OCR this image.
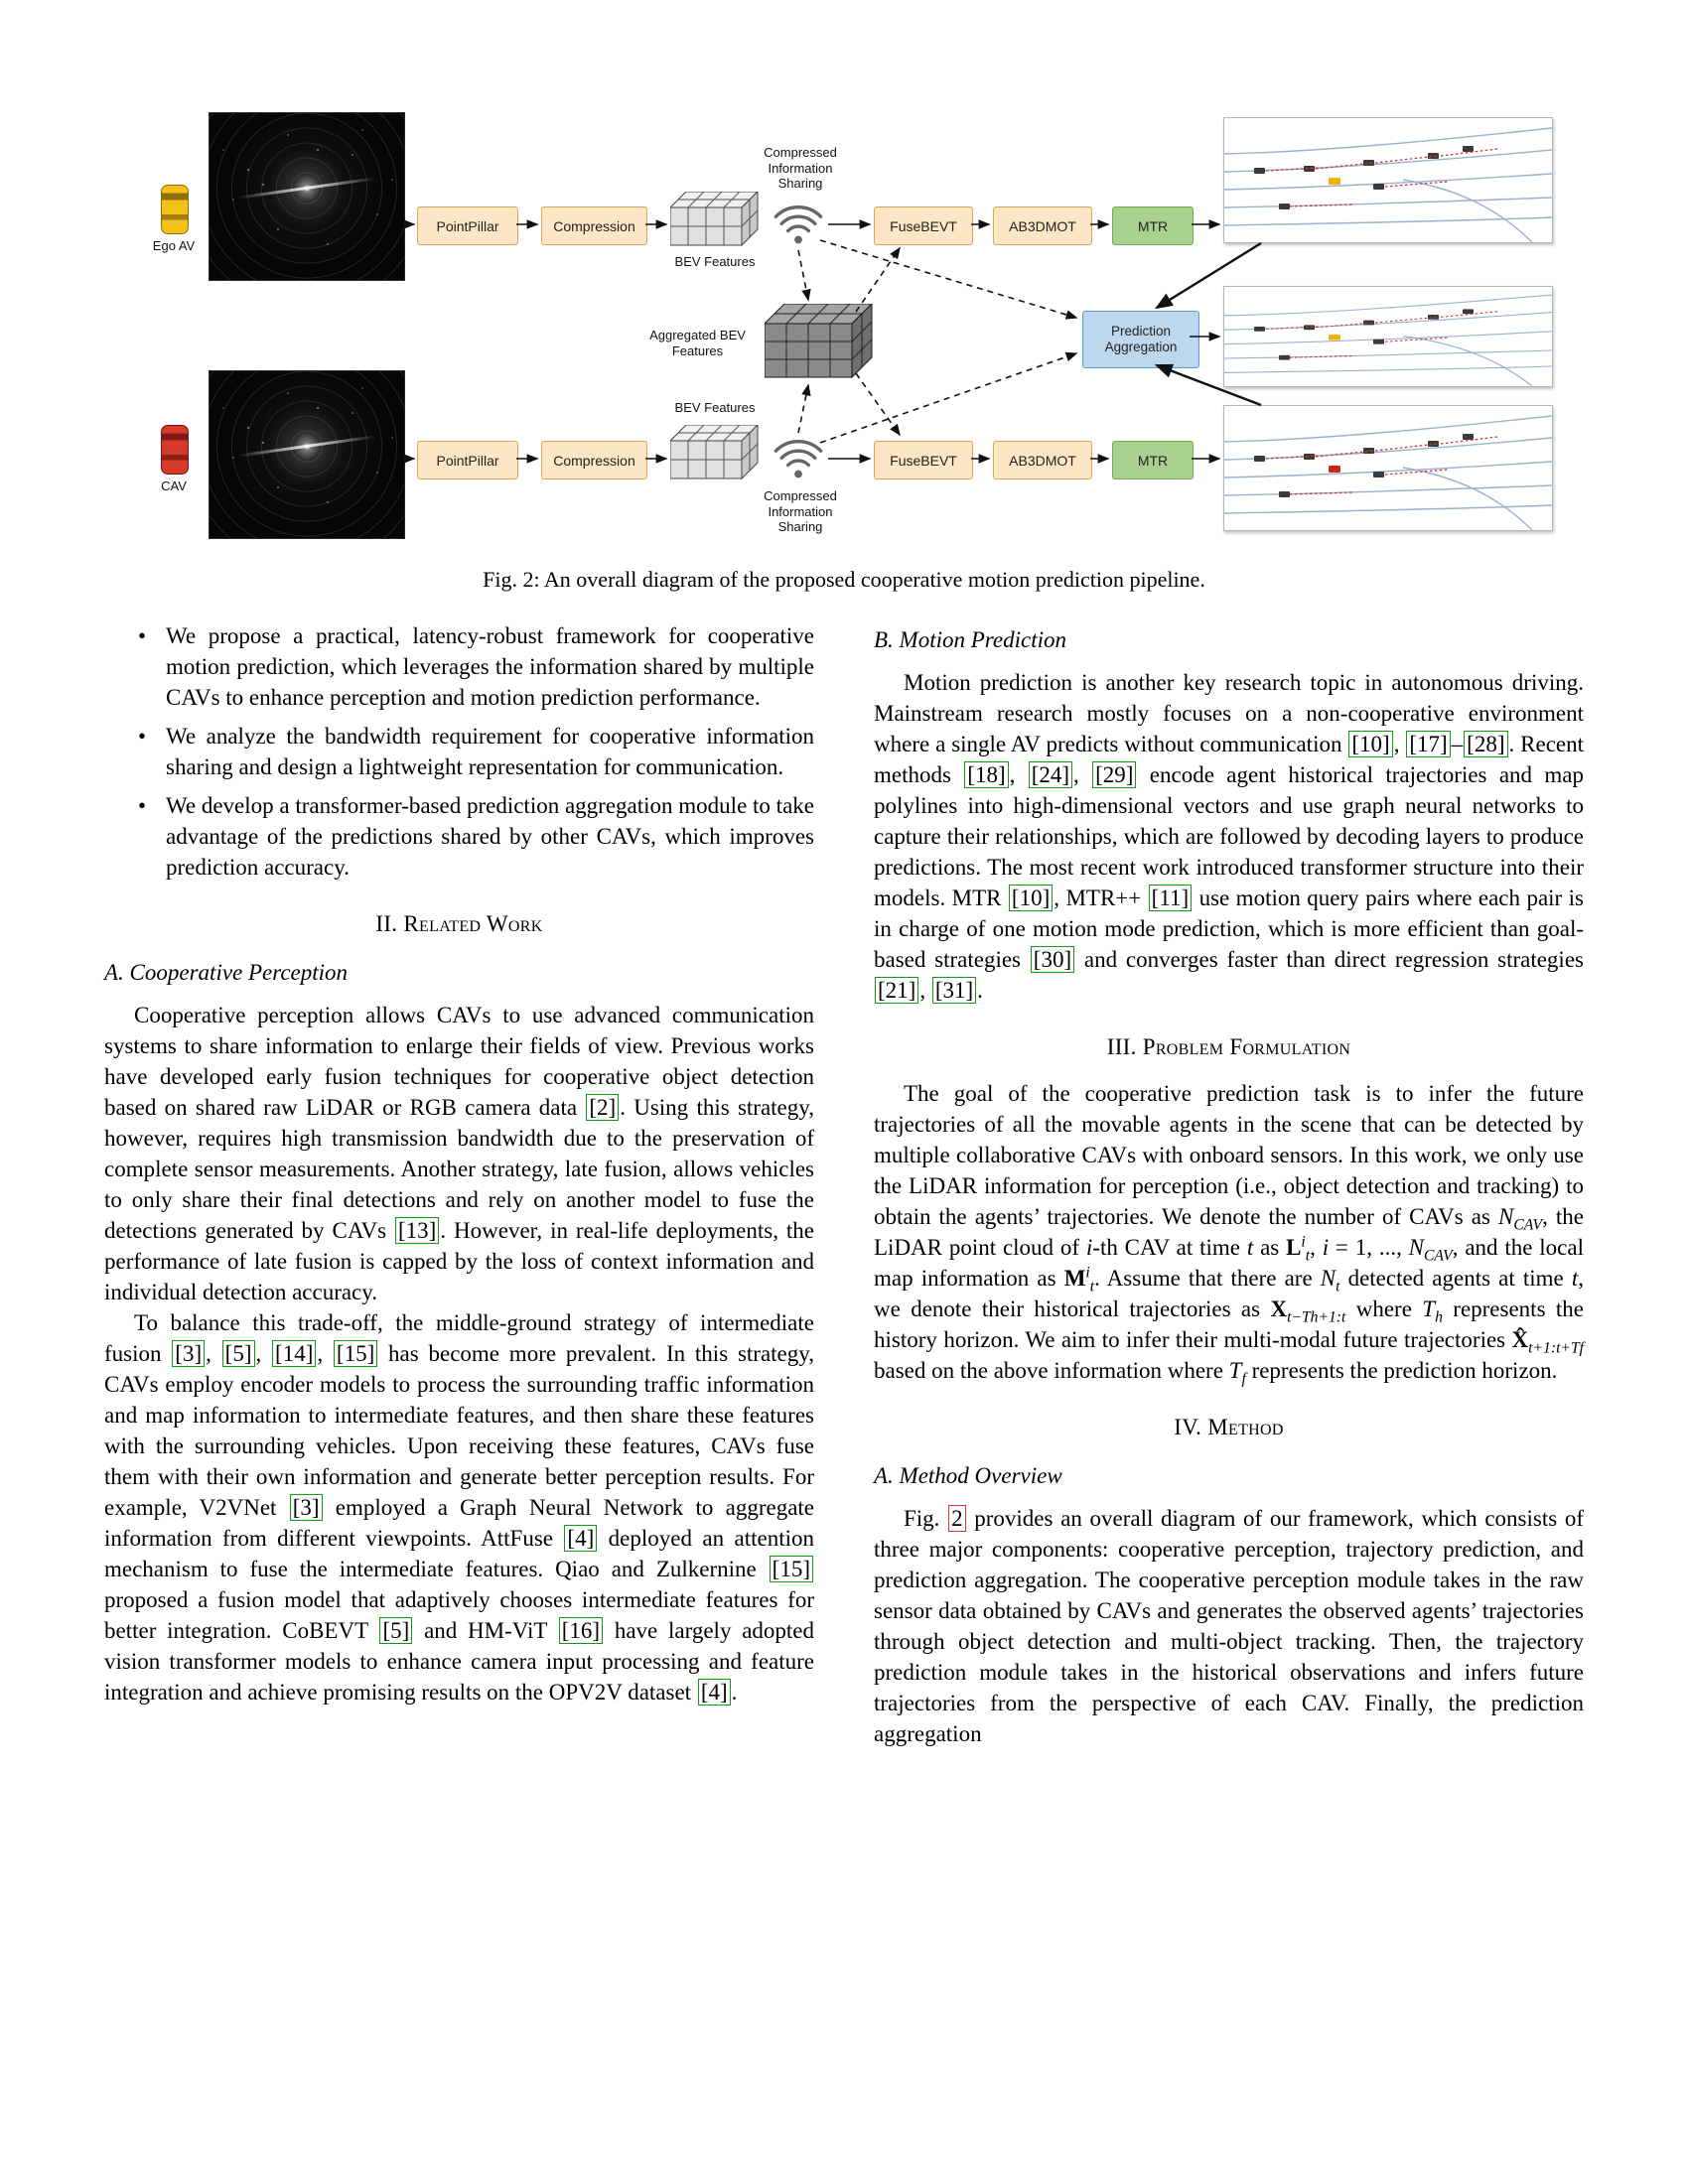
Ego AV
PointPillar	Compression
BEV Features
Compressed Information Sharing
FuseBEVT	AB3DMOT	MTR
Aggregated BEV Features
Prediction Aggregation
CAV
PointPillar	Compression
BEV Features
Compressed Information Sharing
FuseBEVT	AB3DMOT	MTR
Fig. 2: An overall diagram of the proposed cooperative motion prediction pipeline.
• We propose a practical, latency-robust framework for cooperative motion prediction, which leverages the information shared by multiple CAVs to enhance perception and motion prediction performance.
• We analyze the bandwidth requirement for cooperative information sharing and design a lightweight representation for communication.
• We develop a transformer-based prediction aggregation module to take advantage of the predictions shared by other CAVs, which improves prediction accuracy.
II. Related Work
A. Cooperative Perception

Cooperative perception allows CAVs to use advanced communication systems to share information to enlarge their fields of view. Previous works have developed early fusion techniques for cooperative object detection based on shared raw LiDAR or RGB camera data [2] . Using this strategy, however, requires high transmission bandwidth due to the preservation of complete sensor measurements. Another strategy, late fusion, allows vehicles to only share their final detections and rely on another model to fuse the detections generated by CAVs [13] . However, in real-life deployments, the performance of late fusion is capped by the loss of context information and individual detection accuracy.

To balance this trade-off, the middle-ground strategy of intermediate fusion [3] , [5] , [14] , [15] has become more prevalent. In this strategy, CAVs employ encoder models to process the surrounding traffic information and map information to intermediate features, and then share these features with the surrounding vehicles. Upon receiving these features, CAVs fuse them with their own information and generate better perception results. For example, V2VNet [3] employed a Graph Neural Network to aggregate information from different viewpoints. AttFuse [4] deployed an attention mechanism to fuse the intermediate features. Qiao and Zulkernine [15] proposed a fusion model that adaptively chooses intermediate features for better integration. CoBEVT [5] and HM-ViT [16] have largely adopted vision transformer models to enhance camera input processing and feature integration and achieve promising results on the OPV2V dataset [4] .

B. Motion Prediction

Motion prediction is another key research topic in autonomous driving. Mainstream research mostly focuses on a non-cooperative environment where a single AV predicts without communication [10] , [17] – [28] . Recent methods [18] , [24] , [29] encode agent historical trajectories and map polylines into high-dimensional vectors and use graph neural networks to capture their relationships, which are followed by decoding layers to produce predictions. The most recent work introduced transformer structure into their models. MTR [10] , MTR++ [11] use motion query pairs where each pair is in charge of one motion mode prediction, which is more efficient than goal-based strategies [30] and converges faster than direct regression strategies [21] , [31] .

III. Problem Formulation

The goal of the cooperative prediction task is to infer the future trajectories of all the movable agents in the scene that can be detected by multiple collaborative CAVs with onboard sensors. In this work, we only use the LiDAR information for perception (i.e., object detection and tracking) to obtain the agents’ trajectories. We denote the number of CAVs as $N_{CAV}$, the LiDAR point cloud of i-th CAV at time t as $L^i_t$, i = 1, ..., $N_{CAV}$, and the local map information as $M^i_t$. Assume that there are $N_t$ detected agents at time t, we denote their historical trajectories as $X_{t-Th+1:t}$ where $T_h$ represents the history horizon. We aim to infer their multi-modal future trajectories $X̂_{t+1:t+Tf}$ based on the above information where $T_f$ represents the prediction horizon.

IV. Method
A. Method Overview

Fig. 2 provides an overall diagram of our framework, which consists of three major components: cooperative perception, trajectory prediction, and prediction aggregation. The cooperative perception module takes in the raw sensor data obtained by CAVs and generates the observed agents’ trajectories through object detection and multi-object tracking. Then, the trajectory prediction module takes in the historical observations and infers future trajectories from the perspective of each CAV. Finally, the prediction aggregation
